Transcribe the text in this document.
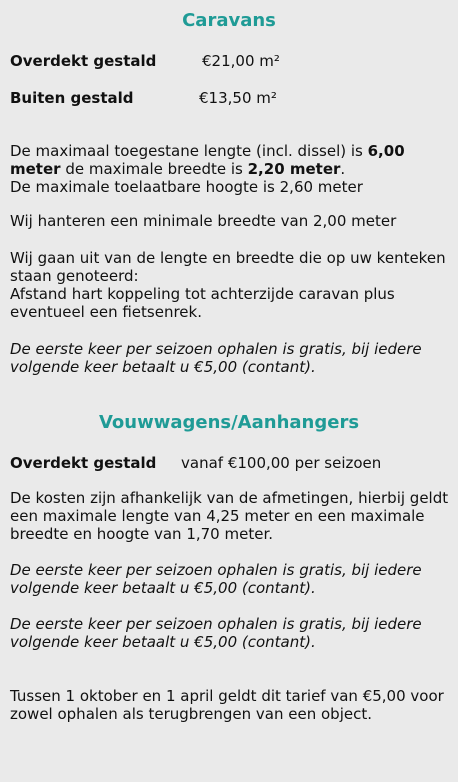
Caravans
Overdekt gestald	€21,00 m²
Buiten gestald	€13,50 m²
De maximaal toegestane lengte (incl. dissel) is 6,00 meter de maximale breedte is 2,20 meter.
De maximale toelaatbare hoogte is 2,60 meter
Wij hanteren een minimale breedte van 2,00 meter
Wij gaan uit van de lengte en breedte die op uw kenteken staan genoteerd:
Afstand hart koppeling tot achterzijde caravan plus eventueel een fietsenrek.
De eerste keer per seizoen ophalen is gratis, bij iedere volgende keer betaalt u €5,00 (contant).
Vouwwagens/Aanhangers
Overdekt gestald vanaf €100,00 per seizoen
De kosten zijn afhankelijk van de afmetingen, hierbij geldt een maximale lengte van 4,25 meter en een maximale breedte en hoogte van 1,70 meter.
De eerste keer per seizoen ophalen is gratis, bij iedere volgende keer betaalt u €5,00 (contant).
De eerste keer per seizoen ophalen is gratis, bij iedere volgende keer betaalt u €5,00 (contant).
Tussen 1 oktober en 1 april geldt dit tarief van €5,00 voor zowel ophalen als terugbrengen van een object.
